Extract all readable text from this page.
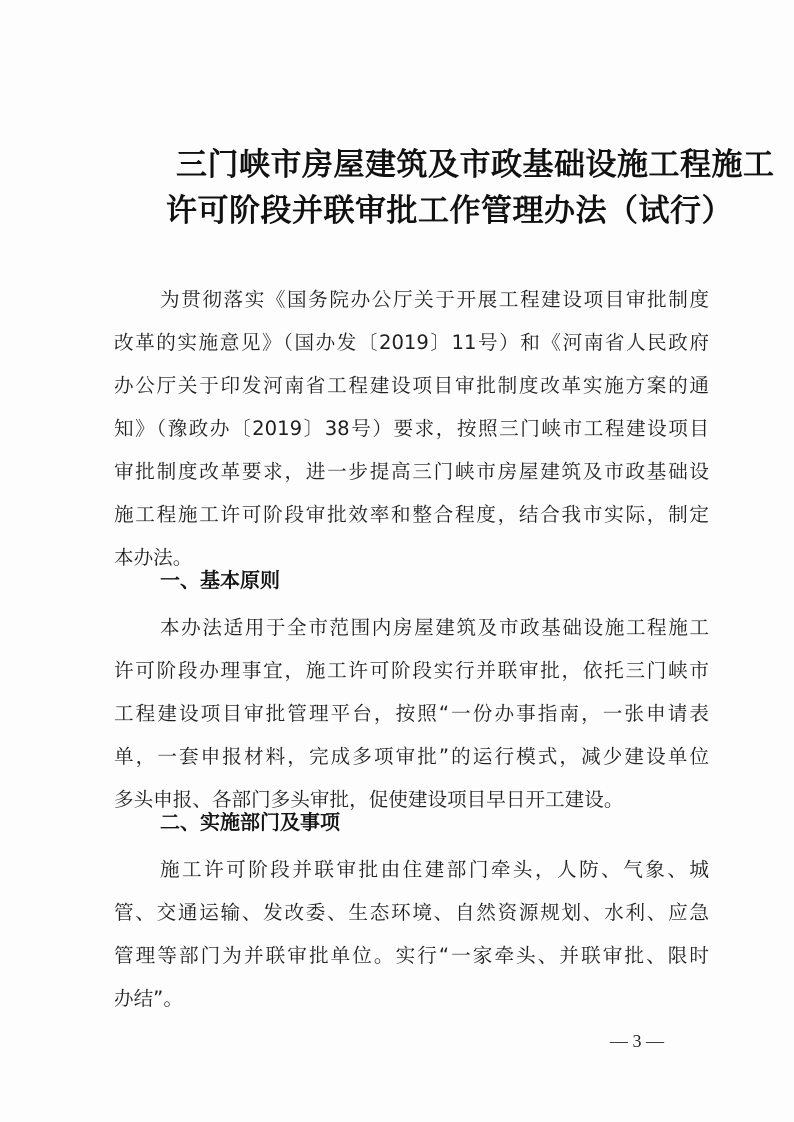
三门峡市房屋建筑及市政基础设施工程施工
许可阶段并联审批工作管理办法（试行）
为贯彻落实《国务院办公厅关于开展工程建设项目审批制度
改革的实施意见》（国办发〔2019〕11号）和《河南省人民政府
办公厅关于印发河南省工程建设项目审批制度改革实施方案的通
知》（豫政办〔2019〕38号）要求，按照三门峡市工程建设项目
审批制度改革要求，进一步提高三门峡市房屋建筑及市政基础设
施工程施工许可阶段审批效率和整合程度，结合我市实际，制定
本办法。
一、基本原则
本办法适用于全市范围内房屋建筑及市政基础设施工程施工
许可阶段办理事宜，施工许可阶段实行并联审批，依托三门峡市
工程建设项目审批管理平台，按照“一份办事指南，一张申请表
单，一套申报材料，完成多项审批”的运行模式，减少建设单位
多头申报、各部门多头审批，促使建设项目早日开工建设。
二、实施部门及事项
施工许可阶段并联审批由住建部门牵头，人防、气象、城
管、交通运输、发改委、生态环境、自然资源规划、水利、应急
管理等部门为并联审批单位。实行“一家牵头、并联审批、限时
办结”。
— 3 —
